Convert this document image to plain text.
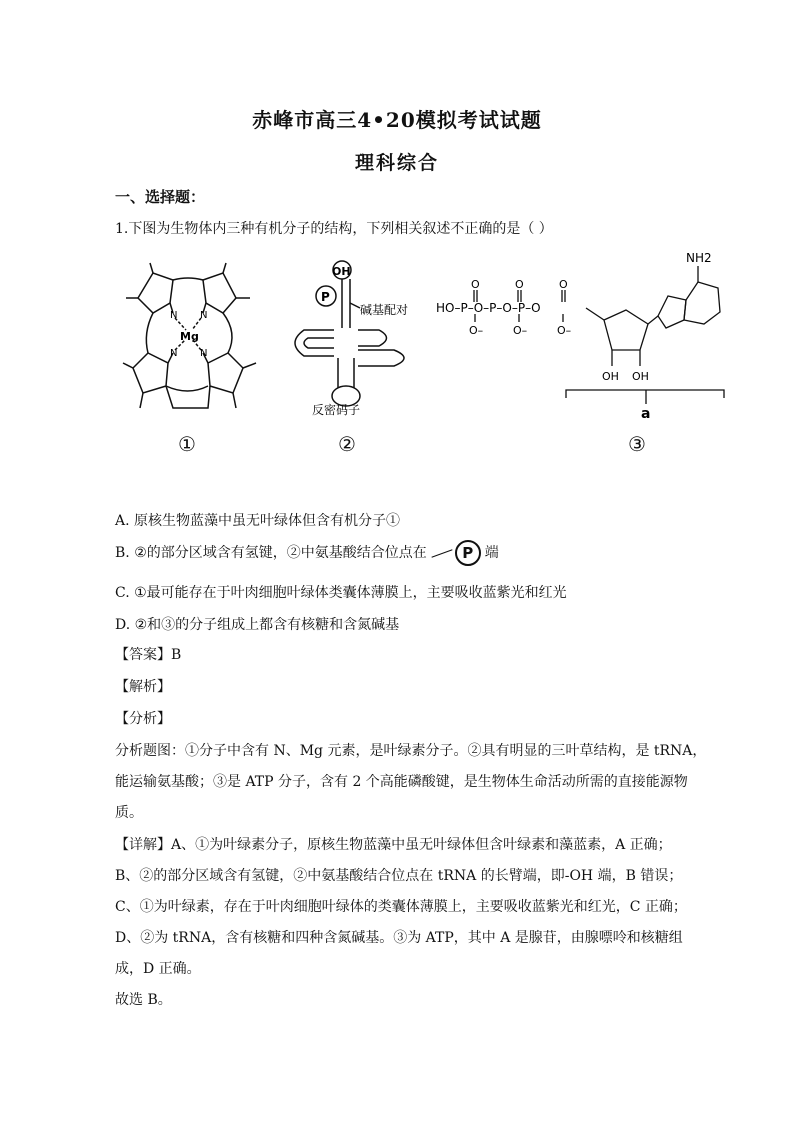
赤峰市高三4•20模拟考试试题
理科综合
一、选择题：
1.下图为生物体内三种有机分子的结构，下列相关叙述不正确的是（ ）
N N
N N
Mg
①
OH
P
碱基配对
反密码子
②
HO–P–O–P–O–P–O
O	O	O
O–	O–	O–
NH2
OH OH
a
③
A. 原核生物蓝藻中虽无叶绿体但含有机分子①
B. ②的部分区域含有氢键，②中氨基酸结合位点在 P 端
C. ①最可能存在于叶肉细胞叶绿体类囊体薄膜上，主要吸收蓝紫光和红光
D. ②和③的分子组成上都含有核糖和含氮碱基
【答案】B
【解析】
【分析】
分析题图：①分子中含有 N、Mg 元素，是叶绿素分子。②具有明显的三叶草结构，是 tRNA，
能运输氨基酸；③是 ATP 分子，含有 2 个高能磷酸键，是生物体生命活动所需的直接能源物
质。
【详解】A、①为叶绿素分子，原核生物蓝藻中虽无叶绿体但含叶绿素和藻蓝素，A 正确；
B、②的部分区域含有氢键，②中氨基酸结合位点在 tRNA 的长臂端，即-OH 端，B 错误；
C、①为叶绿素，存在于叶肉细胞叶绿体的类囊体薄膜上，主要吸收蓝紫光和红光，C 正确；
D、②为 tRNA，含有核糖和四种含氮碱基。③为 ATP，其中 A 是腺苷，由腺嘌呤和核糖组
成，D 正确。
故选 B。
